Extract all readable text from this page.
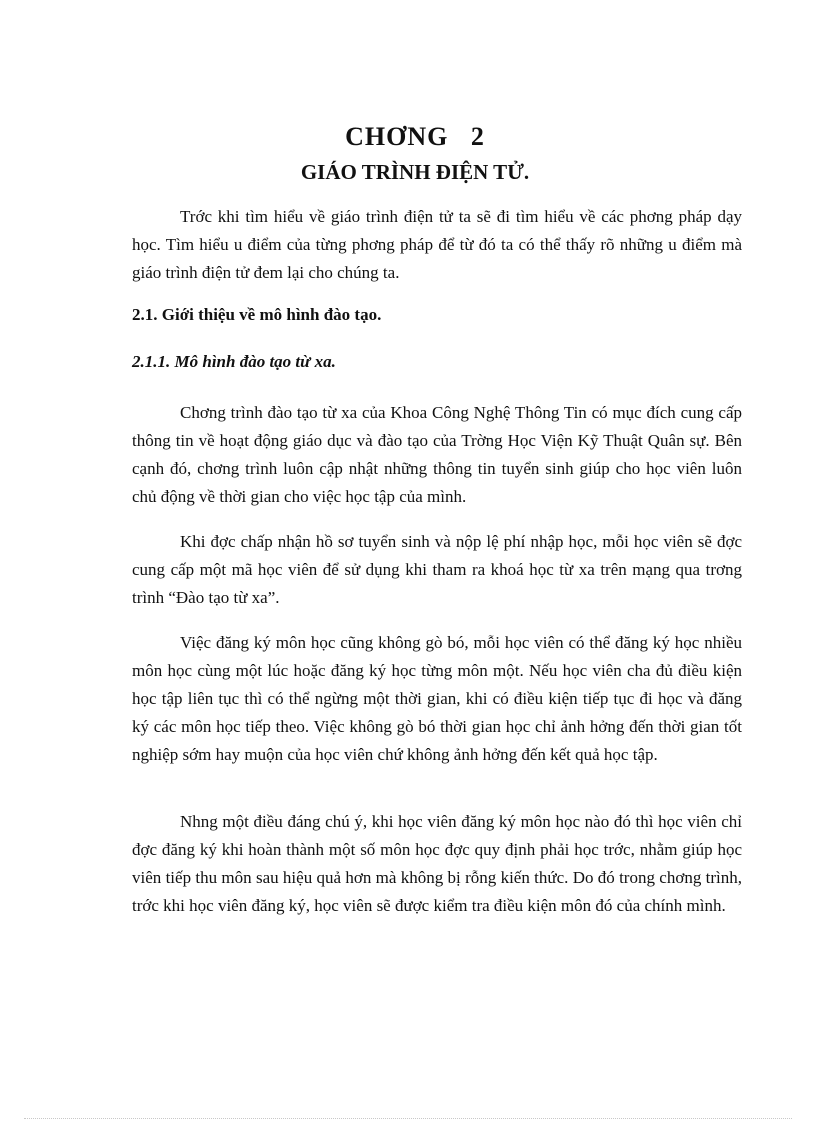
CHƠNG   2
GIÁO TRÌNH ĐIỆN TỬ.

Trớc khi tìm hiểu về giáo trình điện tử ta sẽ đi tìm hiểu về các phơng pháp dạy học. Tìm hiểu u điểm của từng phơng pháp để từ đó ta có thể thấy rõ những u điểm mà giáo trình điện tử đem lại cho chúng ta.

2.1. Giới thiệu về mô hình đào tạo.

2.1.1. Mô hình đào tạo từ xa.

Chơng trình đào tạo từ xa của Khoa Công Nghệ Thông Tin có mục đích cung cấp thông tin về hoạt động giáo dục và đào tạo của Trờng Học Viện Kỹ Thuật Quân sự. Bên cạnh đó, chơng trình luôn cập nhật những thông tin tuyển sinh giúp cho học viên luôn chủ động về thời gian cho việc học tập của mình.

Khi đợc chấp nhận hồ sơ tuyển sinh và nộp lệ phí nhập học, mỗi học viên sẽ đợc cung cấp một mã học viên để sử dụng khi tham ra khoá học từ xa trên mạng qua trơng trình “Đào tạo từ xa”.

Việc đăng ký môn học cũng không gò bó, mỗi học viên có thể đăng ký học nhiều môn học cùng một lúc hoặc đăng ký học từng môn một. Nếu học viên cha đủ điều kiện học tập liên tục thì có thể ngừng một thời gian, khi có điều kiện tiếp tục đi học và đăng ký các môn học tiếp theo. Việc không gò bó thời gian học chỉ ảnh hởng đến thời gian tốt nghiệp sớm hay muộn của học viên chứ không ảnh hởng đến kết quả học tập.

Nhng một điều đáng chú ý, khi học viên đăng ký môn học nào đó thì học viên chỉ đợc đăng ký khi hoàn thành một số môn học đợc quy định phải học trớc, nhằm giúp học viên tiếp thu môn sau hiệu quả hơn mà không bị rỗng kiến thức. Do đó trong chơng trình, trớc khi học viên đăng ký, học viên sẽ được kiểm tra điều kiện môn đó của chính mình.
